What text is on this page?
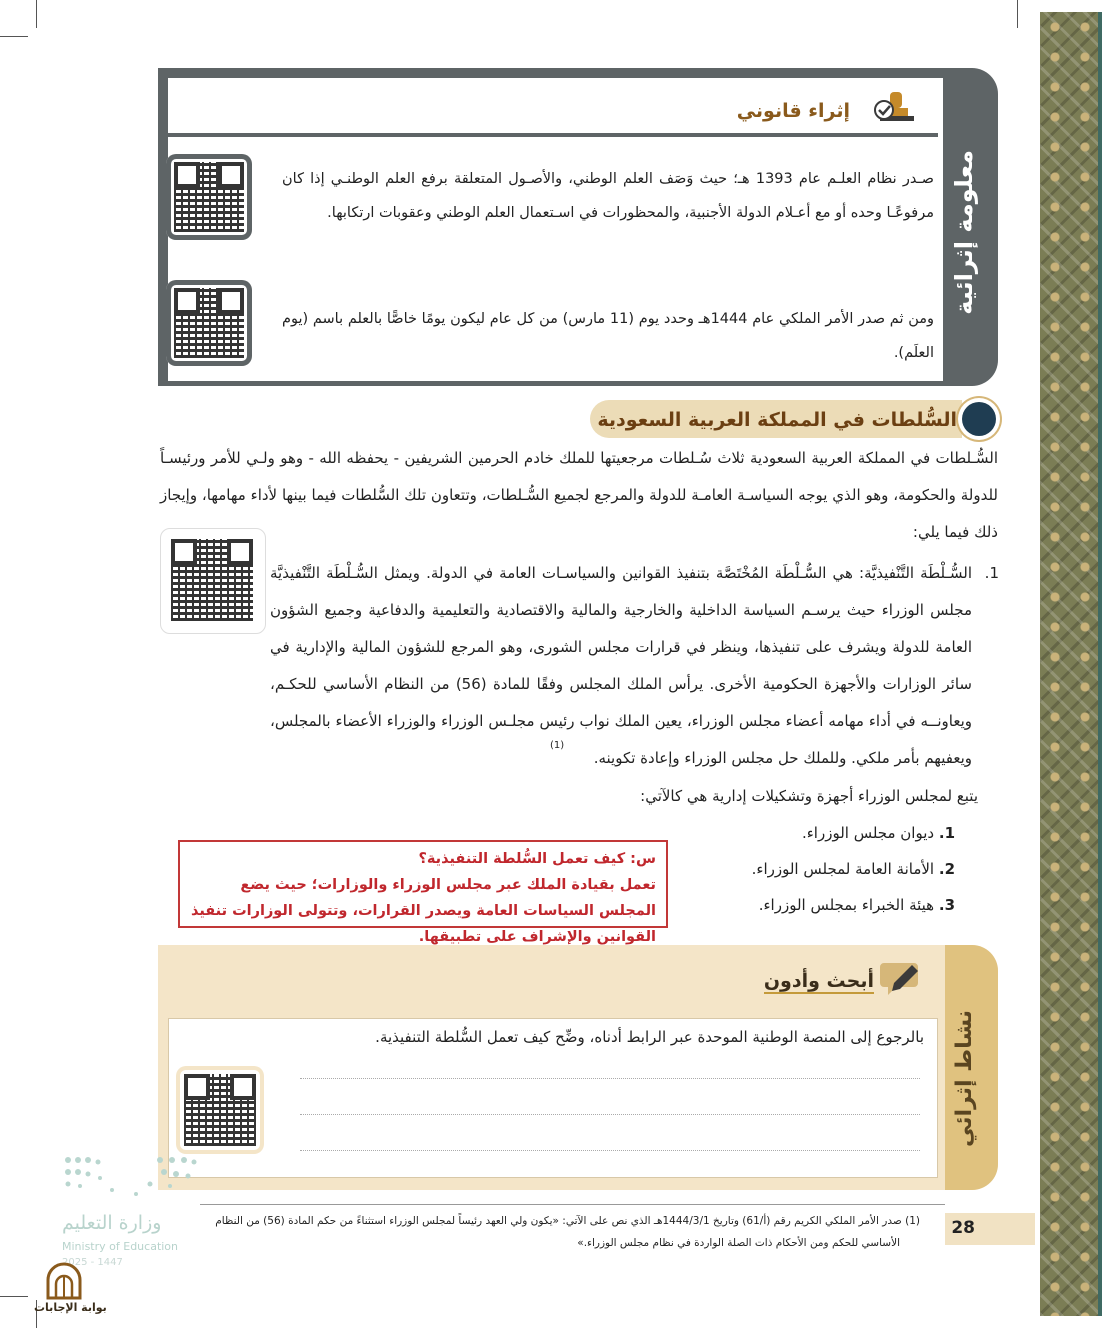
معلومة إثرائية
إثراء قانوني
صـدر نظام العلـم عام 1393 هـ؛ حيث وَصَف العلم الوطني، والأصـول المتعلقة برفع العلم الوطنـي إذا كان مرفوعًـا وحده أو مع أعـلام الدولة الأجنبية، والمحظورات في اسـتعمال العلم الوطني وعقوبات ارتكابها.
ومن ثم صدر الأمر الملكي عام 1444هـ وحدد يوم (11 مارس) من كل عام ليكون يومًا خاصًّا بالعلم باسم (يوم العلَم).
السُّلطات في المملكة العربية السعودية
السُّـلطات في المملكة العربية السعودية ثلاث سُـلطات مرجعيتها للملك خادم الحرمين الشريفين - يحفظه الله - وهو ولـي للأمر ورئيسـاً للدولة والحكومة، وهو الذي يوجه السياسـة العامـة للدولة والمرجع لجميع السُّـلطات، وتتعاون تلك السُّلطات فيما بينها لأداء مهامها، وإيجاز ذلك فيما يلي:
1.
السُّـلْطَة التَّنْفيذيَّة: هي السُّـلْطَة المُخْتَصَّة بتنفيذ القوانين والسياسـات العامة في الدولة. ويمثل السُّـلْطَة التَّنْفيذيَّة مجلس الوزراء حيث يرسـم السياسة الداخلية والخارجية والمالية والاقتصادية والتعليمية والدفاعية وجميع الشؤون العامة للدولة ويشرف على تنفيذها، وينظر في قرارات مجلس الشورى، وهو المرجع للشؤون المالية والإدارية في سائر الوزارات والأجهزة الحكومية الأخرى. يرأس الملك المجلس وفقًا للمادة (56) من النظام الأساسي للحكـم، ويعاونــه في أداء مهامه أعضاء مجلس الوزراء، يعين الملك نواب رئيس مجلـس الوزراء والوزراء الأعضاء بالمجلس، ويعفيهم بأمر ملكي. وللملك حل مجلس الوزراء وإعادة تكوينه.
(1)
يتبع لمجلس الوزراء أجهزة وتشكيلات إدارية هي كالآتي:
1. ديوان مجلس الوزراء.
2. الأمانة العامة لمجلس الوزراء.
3. هيئة الخبراء بمجلس الوزراء.
س: كيف تعمل السُّلطة التنفيذية؟
تعمل بقيادة الملك عبر مجلس الوزراء والوزارات؛ حيث يضع المجلس السياسات العامة ويصدر القرارات، وتتولى الوزارات تنفيذ القوانين والإشراف على تطبيقها.
نشاط إثرائي
أبحث وأدون
بالرجوع إلى المنصة الوطنية الموحدة عبر الرابط أدناه، وضِّح كيف تعمل السُّلطة التنفيذية.
وزارة التعليم
Ministry of Education
2025 - 1447
بوابة الإجابات
(1) صدر الأمر الملكي الكريم رقم (أ/61) وتاريخ 1444/3/1هـ الذي نص على الآتي: «يكون ولي العهد رئيساً لمجلس الوزراء استثناءً من حكم المادة (56) من النظام
الأساسي للحكم ومن الأحكام ذات الصلة الواردة في نظام مجلس الوزراء.»
28
